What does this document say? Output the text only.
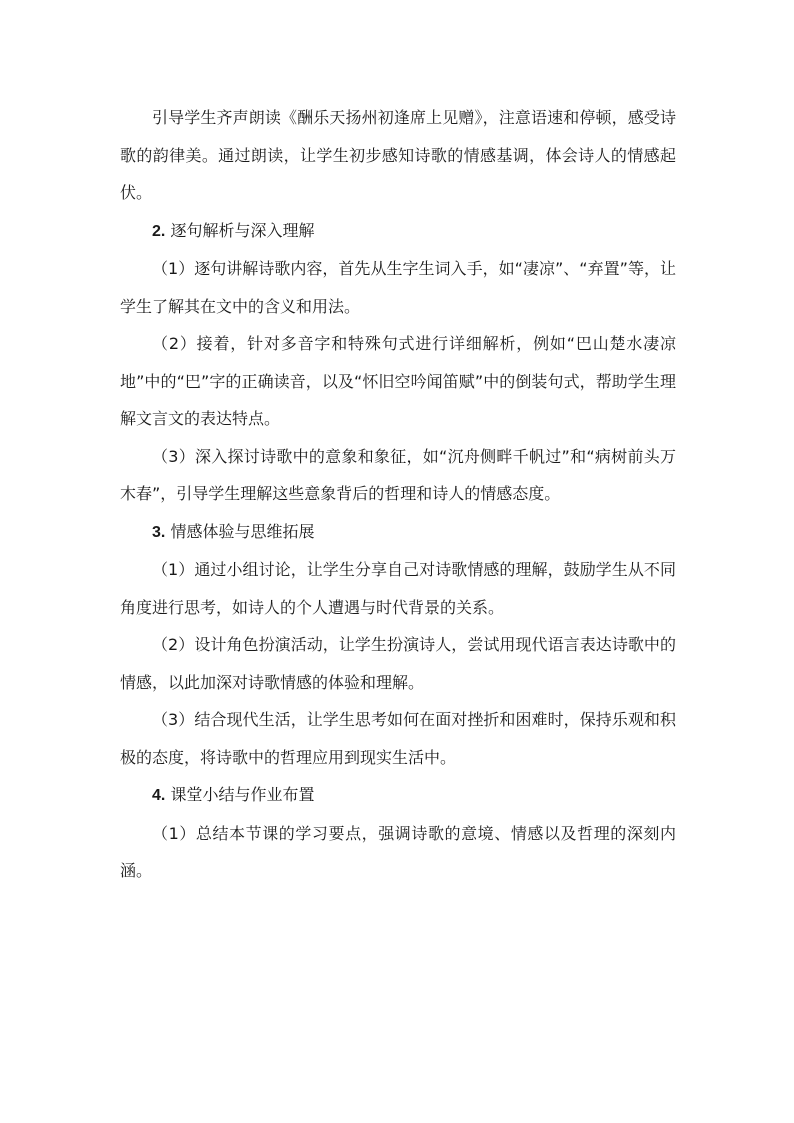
引导学生齐声朗读《酬乐天扬州初逢席上见赠》，注意语速和停顿，感受诗歌的韵律美。通过朗读，让学生初步感知诗歌的情感基调，体会诗人的情感起伏。

2. 逐句解析与深入理解

（1）逐句讲解诗歌内容，首先从生字生词入手，如“凄凉”、“弃置”等，让学生了解其在文中的含义和用法。

（2）接着，针对多音字和特殊句式进行详细解析，例如“巴山楚水凄凉地”中的“巴”字的正确读音，以及“怀旧空吟闻笛赋”中的倒装句式，帮助学生理解文言文的表达特点。

（3）深入探讨诗歌中的意象和象征，如“沉舟侧畔千帆过”和“病树前头万木春”，引导学生理解这些意象背后的哲理和诗人的情感态度。

3. 情感体验与思维拓展

（1）通过小组讨论，让学生分享自己对诗歌情感的理解，鼓励学生从不同角度进行思考，如诗人的个人遭遇与时代背景的关系。

（2）设计角色扮演活动，让学生扮演诗人，尝试用现代语言表达诗歌中的情感，以此加深对诗歌情感的体验和理解。

（3）结合现代生活，让学生思考如何在面对挫折和困难时，保持乐观和积极的态度，将诗歌中的哲理应用到现实生活中。

4. 课堂小结与作业布置

（1）总结本节课的学习要点，强调诗歌的意境、情感以及哲理的深刻内涵。
